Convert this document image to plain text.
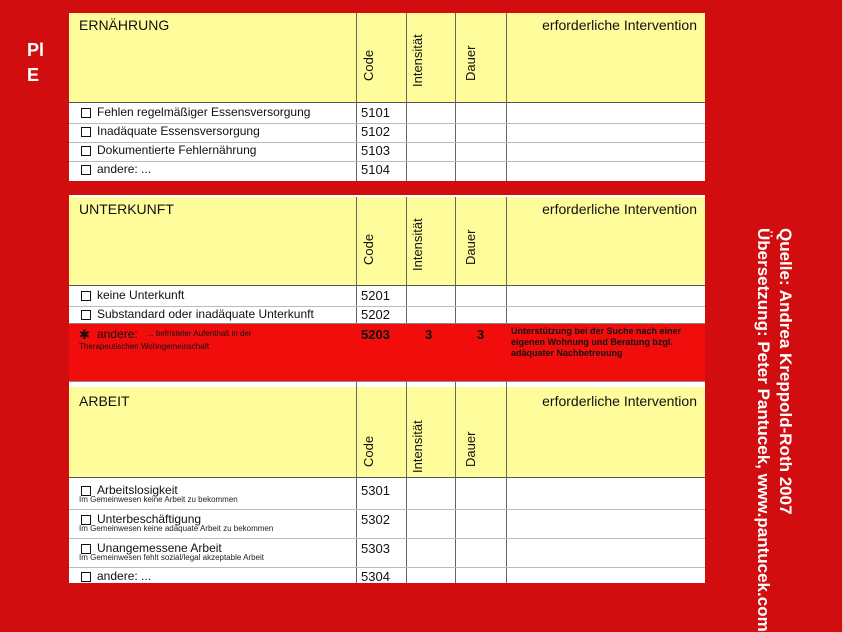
Pl
E
ERNÄHRUNG
Code	Intensität	Dauer
erforderliche Intervention
Fehlen regelmäßiger Essensversorgung	5101
Inadäquate Essensversorgung	5102
Dokumentierte Fehlernährung	5103
andere: ...	5104
UNTERKUNFT
Code	Intensität	Dauer
erforderliche Intervention
keine Unterkunft	5201
Substandard oder inadäquate Unterkunft	5202
✱ andere: ... befristeter Aufenthalt in der
Therapeutischen Wohngemeinschaft
5203	3	3	Unterstützung bei der Suche nach einer eigenen Wohnung und Beratung bzgl. adäquater Nachbetreuung
ARBEIT
Code	Intensität	Dauer
erforderliche Intervention
Arbeitslosigkeit
Im Gemeinwesen keine Arbeit zu bekommen
5301
Unterbeschäftigung
Im Gemeinwesen keine adäquate Arbeit zu bekommen
5302
Unangemessene Arbeit
Im Gemeinwesen fehlt sozial/legal akzeptable Arbeit
5303
andere: ...	5304
Quelle: Andrea Krеppold-Roth 2007
Übersetzung: Peter Pantucek, www.pantucek.com
